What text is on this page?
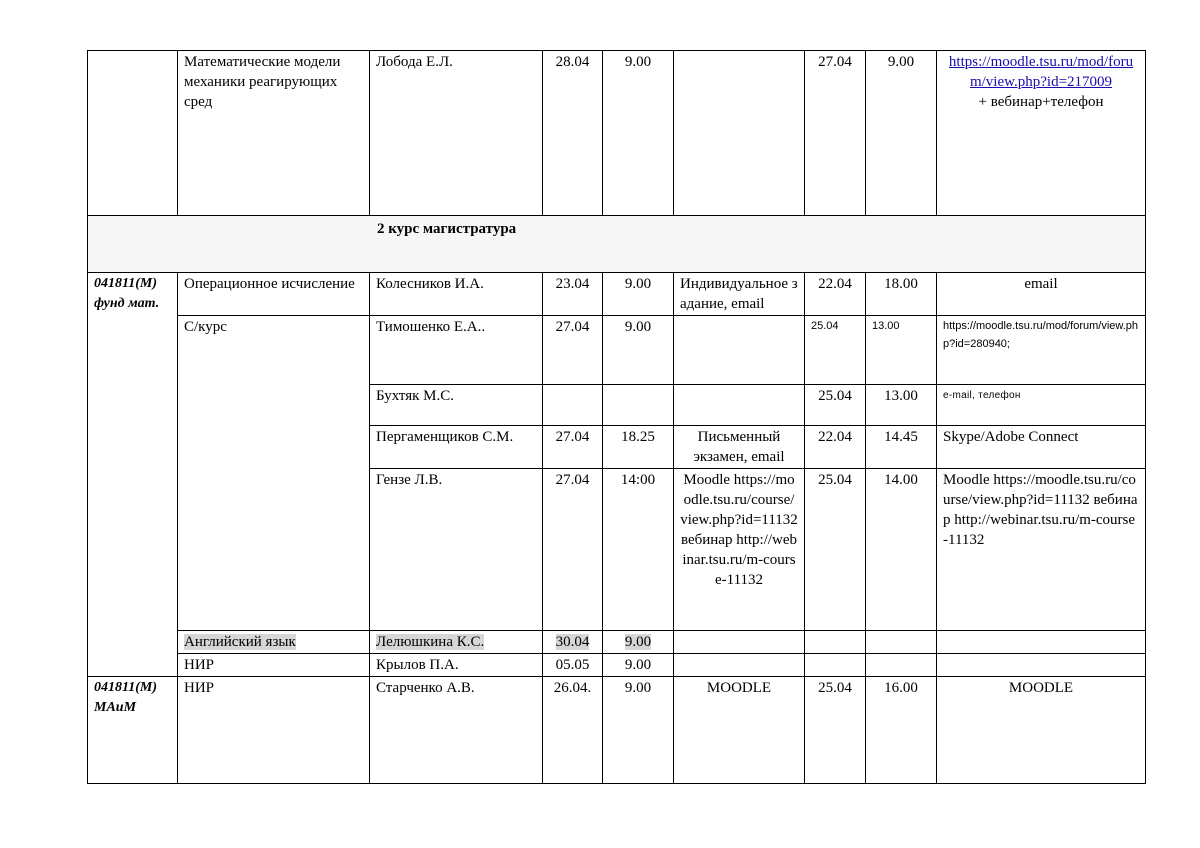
	Математические модели механики реагирующих сред	Лобода Е.Л.	28.04	9.00		27.04	9.00	https://moodle.tsu.ru/mod/forum/view.php?id=217009
+ вебинар+телефон

2 курс магистратура								

041811(М) фунд мат.	Операционное исчисление	Колесников И.А.	23.04	9.00	Индивидуальное задание, email	22.04	18.00	email
	С/курс	Тимошенко Е.А..	27.04	9.00		25.04	13.00	https://moodle.tsu.ru/mod/forum/view.php?id=280940;
		Бухтяк М.С.				25.04	13.00	e-mail, телефон
		Пергаменщиков С.М.	27.04	18.25	Письменный экзамен, email	22.04	14.45	Skype/Adobe Connect
		Гензе Л.В.	27.04	14:00	Moodle https://moodle.tsu.ru/course/view.php?id=11132 вебинар http://webinar.tsu.ru/m-course-11132	25.04	14.00	Moodle https://moodle.tsu.ru/course/view.php?id=11132 вебинар http://webinar.tsu.ru/m-course-11132
	Английский язык	Лелюшкина К.С.	30.04	9.00				
	НИР	Крылов П.А.	05.05	9.00				
041811(М) МАиМ	НИР	Старченко А.В.	26.04.	9.00	MOODLE	25.04	16.00	MOODLE
